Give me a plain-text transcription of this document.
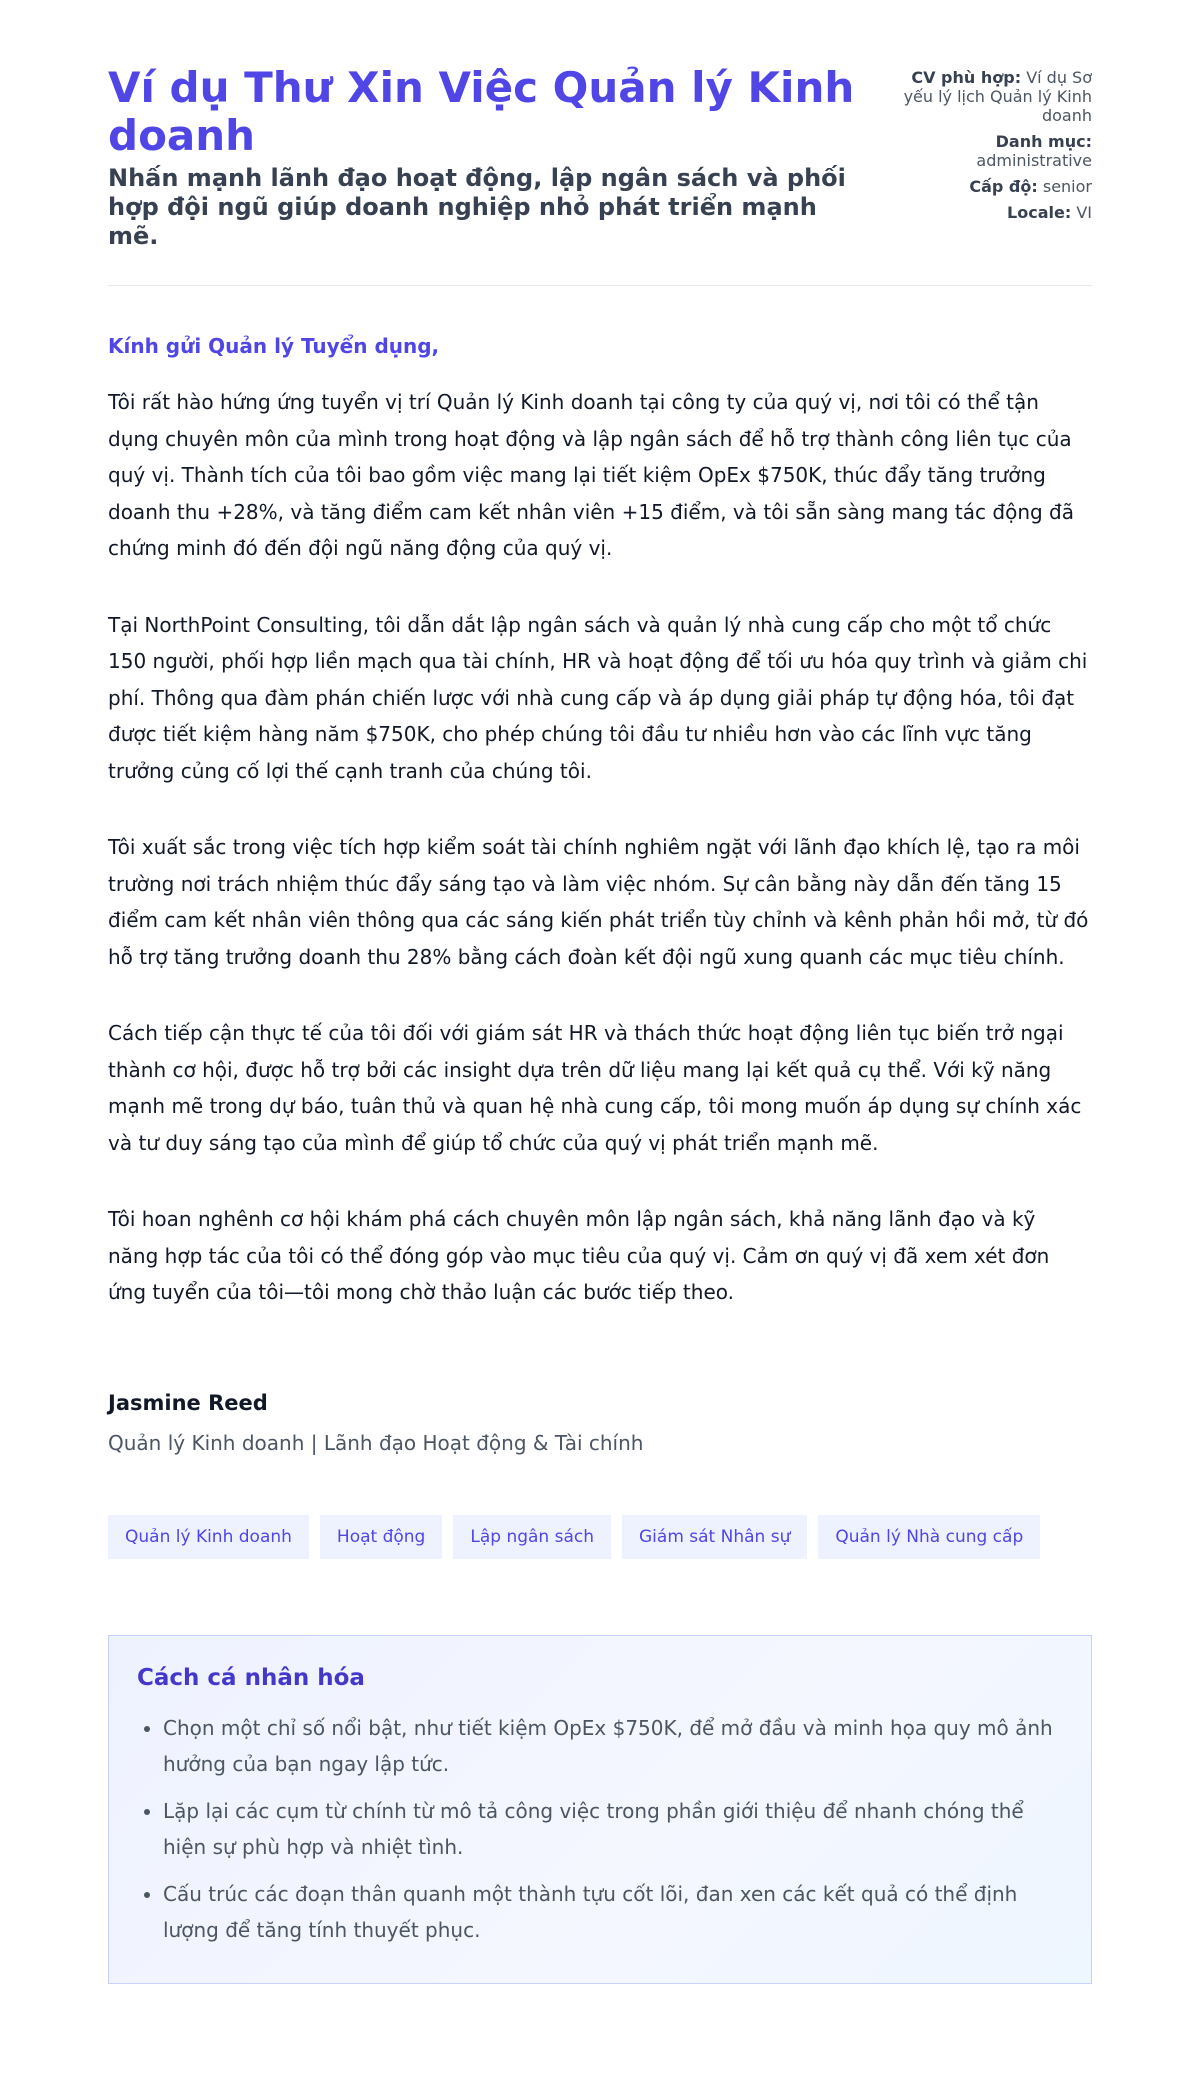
Ví dụ Thư Xin Việc Quản lý Kinh doanh
Nhấn mạnh lãnh đạo hoạt động, lập ngân sách và phối hợp đội ngũ giúp doanh nghiệp nhỏ phát triển mạnh mẽ.
CV phù hợp: Ví dụ Sơ yếu lý lịch Quản lý Kinh doanh
Danh mục: administrative
Cấp độ: senior
Locale: VI

Kính gửi Quản lý Tuyển dụng,

Tôi rất hào hứng ứng tuyển vị trí Quản lý Kinh doanh tại công ty của quý vị, nơi tôi có thể tận dụng chuyên môn của mình trong hoạt động và lập ngân sách để hỗ trợ thành công liên tục của quý vị. Thành tích của tôi bao gồm việc mang lại tiết kiệm OpEx $750K, thúc đẩy tăng trưởng doanh thu +28%, và tăng điểm cam kết nhân viên +15 điểm, và tôi sẵn sàng mang tác động đã chứng minh đó đến đội ngũ năng động của quý vị.

Tại NorthPoint Consulting, tôi dẫn dắt lập ngân sách và quản lý nhà cung cấp cho một tổ chức 150 người, phối hợp liền mạch qua tài chính, HR và hoạt động để tối ưu hóa quy trình và giảm chi phí. Thông qua đàm phán chiến lược với nhà cung cấp và áp dụng giải pháp tự động hóa, tôi đạt được tiết kiệm hàng năm $750K, cho phép chúng tôi đầu tư nhiều hơn vào các lĩnh vực tăng trưởng củng cố lợi thế cạnh tranh của chúng tôi.

Tôi xuất sắc trong việc tích hợp kiểm soát tài chính nghiêm ngặt với lãnh đạo khích lệ, tạo ra môi trường nơi trách nhiệm thúc đẩy sáng tạo và làm việc nhóm. Sự cân bằng này dẫn đến tăng 15 điểm cam kết nhân viên thông qua các sáng kiến phát triển tùy chỉnh và kênh phản hồi mở, từ đó hỗ trợ tăng trưởng doanh thu 28% bằng cách đoàn kết đội ngũ xung quanh các mục tiêu chính.

Cách tiếp cận thực tế của tôi đối với giám sát HR và thách thức hoạt động liên tục biến trở ngại thành cơ hội, được hỗ trợ bởi các insight dựa trên dữ liệu mang lại kết quả cụ thể. Với kỹ năng mạnh mẽ trong dự báo, tuân thủ và quan hệ nhà cung cấp, tôi mong muốn áp dụng sự chính xác và tư duy sáng tạo của mình để giúp tổ chức của quý vị phát triển mạnh mẽ.

Tôi hoan nghênh cơ hội khám phá cách chuyên môn lập ngân sách, khả năng lãnh đạo và kỹ năng hợp tác của tôi có thể đóng góp vào mục tiêu của quý vị. Cảm ơn quý vị đã xem xét đơn ứng tuyển của tôi—tôi mong chờ thảo luận các bước tiếp theo.

Jasmine Reed

Quản lý Kinh doanh | Lãnh đạo Hoạt động & Tài chính

Quản lý Kinh doanh	Hoạt động	Lập ngân sách	Giám sát Nhân sự	Quản lý Nhà cung cấp
Cách cá nhân hóa
• Chọn một chỉ số nổi bật, như tiết kiệm OpEx $750K, để mở đầu và minh họa quy mô ảnh hưởng của bạn ngay lập tức.
• Lặp lại các cụm từ chính từ mô tả công việc trong phần giới thiệu để nhanh chóng thể hiện sự phù hợp và nhiệt tình.
• Cấu trúc các đoạn thân quanh một thành tựu cốt lõi, đan xen các kết quả có thể định lượng để tăng tính thuyết phục.
